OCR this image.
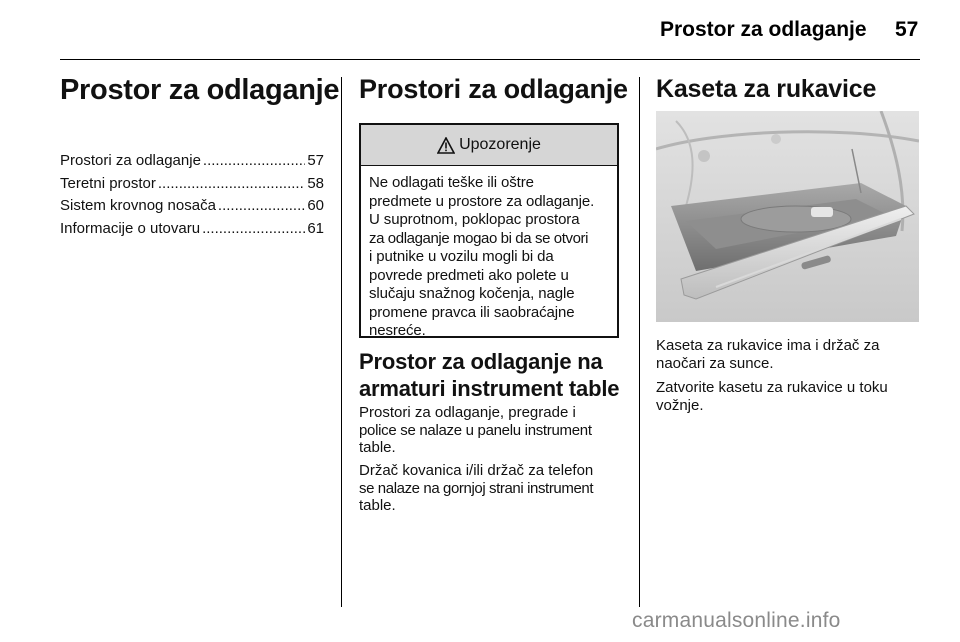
Prostor za odlaganje 57
Prostor za odlaganje
Prostori za odlaganje .....	57
Teretni prostor .....	58
Sistem krovnog nosača .....	60
Informacije o utovaru .....	61
Prostori za odlaganje
Upozorenje
Ne odlagati teške ili oštre
predmete u prostore za odlaganje.
U suprotnom, poklopac prostora
za odlaganje mogao bi da se otvori
i putnike u vozilu mogli bi da
povrede predmeti ako polete u
slučaju snažnog kočenja, nagle
promene pravca ili saobraćajne
nesreće.
Prostor za odlaganje na
armaturi instrument table
Prostori za odlaganje, pregrade i
police se nalaze u panelu instrument
table.
Držač kovanica i/ili držač za telefon
se nalaze na gornjoj strani instrument
table.
Kaseta za rukavice
Kaseta za rukavice ima i držač za
naočari za sunce.
Zatvorite kasetu za rukavice u toku
vožnje.
carmanualsonline.info
